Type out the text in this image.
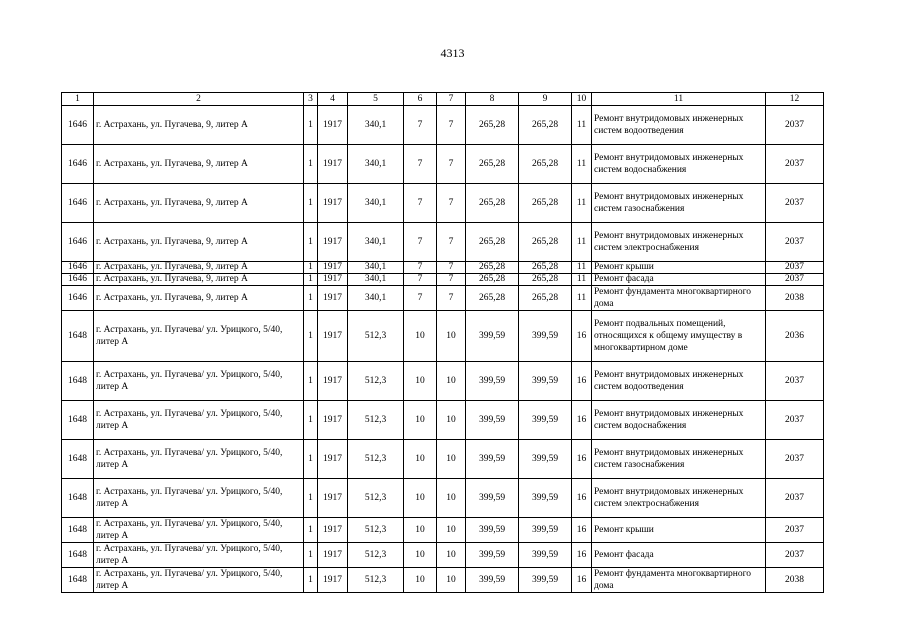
4313
1	2	3	4	5	6	7	8	9	10	11	12
1646	г. Астрахань, ул. Пугачева, 9, литер А	1	1917	340,1	7	7	265,28	265,28	11	Ремонт внутридомовых инженерных систем водоотведения	2037
1646	г. Астрахань, ул. Пугачева, 9, литер А	1	1917	340,1	7	7	265,28	265,28	11	Ремонт внутридомовых инженерных систем водоснабжения	2037
1646	г. Астрахань, ул. Пугачева, 9, литер А	1	1917	340,1	7	7	265,28	265,28	11	Ремонт внутридомовых инженерных систем газоснабжения	2037
1646	г. Астрахань, ул. Пугачева, 9, литер А	1	1917	340,1	7	7	265,28	265,28	11	Ремонт внутридомовых инженерных систем электроснабжения	2037
1646	г. Астрахань, ул. Пугачева, 9, литер А	1	1917	340,1	7	7	265,28	265,28	11	Ремонт крыши	2037
1646	г. Астрахань, ул. Пугачева, 9, литер А	1	1917	340,1	7	7	265,28	265,28	11	Ремонт фасада	2037
1646	г. Астрахань, ул. Пугачева, 9, литер А	1	1917	340,1	7	7	265,28	265,28	11	Ремонт фундамента многоквартирного дома	2038
1648	г. Астрахань, ул. Пугачева/ ул. Урицкого, 5/40, литер А	1	1917	512,3	10	10	399,59	399,59	16	Ремонт подвальных помещений, относящихся к общему имуществу в многоквартирном доме	2036
1648	г. Астрахань, ул. Пугачева/ ул. Урицкого, 5/40, литер А	1	1917	512,3	10	10	399,59	399,59	16	Ремонт внутридомовых инженерных систем водоотведения	2037
1648	г. Астрахань, ул. Пугачева/ ул. Урицкого, 5/40, литер А	1	1917	512,3	10	10	399,59	399,59	16	Ремонт внутридомовых инженерных систем водоснабжения	2037
1648	г. Астрахань, ул. Пугачева/ ул. Урицкого, 5/40, литер А	1	1917	512,3	10	10	399,59	399,59	16	Ремонт внутридомовых инженерных систем газоснабжения	2037
1648	г. Астрахань, ул. Пугачева/ ул. Урицкого, 5/40, литер А	1	1917	512,3	10	10	399,59	399,59	16	Ремонт внутридомовых инженерных систем электроснабжения	2037
1648	г. Астрахань, ул. Пугачева/ ул. Урицкого, 5/40, литер А	1	1917	512,3	10	10	399,59	399,59	16	Ремонт крыши	2037
1648	г. Астрахань, ул. Пугачева/ ул. Урицкого, 5/40, литер А	1	1917	512,3	10	10	399,59	399,59	16	Ремонт фасада	2037
1648	г. Астрахань, ул. Пугачева/ ул. Урицкого, 5/40, литер А	1	1917	512,3	10	10	399,59	399,59	16	Ремонт фундамента многоквартирного дома	2038
